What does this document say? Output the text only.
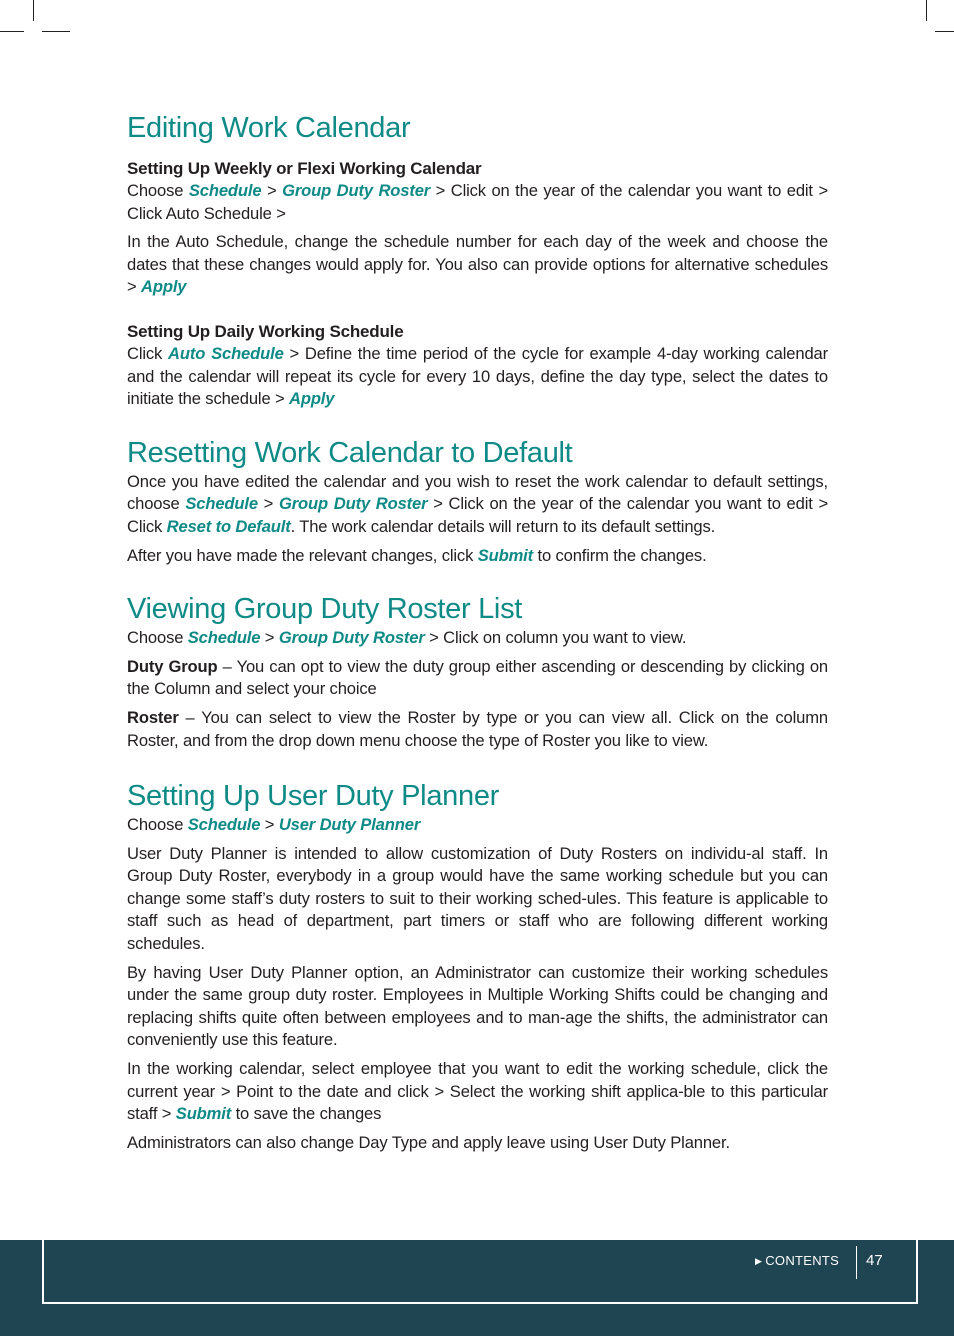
Editing Work Calendar
Setting Up Weekly or Flexi Working Calendar

Choose Schedule > Group Duty Roster > Click on the year of the calendar you want to edit > Click Auto Schedule >

In the Auto Schedule, change the schedule number for each day of the week and choose the dates that these changes would apply for. You also can provide options for alternative schedules > Apply

Setting Up Daily Working Schedule

Click Auto Schedule > Define the time period of the cycle for example 4-day working calendar and the calendar will repeat its cycle for every 10 days, define the day type, select the dates to initiate the schedule > Apply

Resetting Work Calendar to Default

Once you have edited the calendar and you wish to reset the work calendar to default settings, choose Schedule > Group Duty Roster > Click on the year of the calendar you want to edit > Click Reset to Default. The work calendar details will return to its default settings.

After you have made the relevant changes, click Submit to confirm the changes.

Viewing Group Duty Roster List

Choose Schedule > Group Duty Roster > Click on column you want to view.

Duty Group – You can opt to view the duty group either ascending or descending by clicking on the Column and select your choice

Roster – You can select to view the Roster by type or you can view all. Click on the column Roster, and from the drop down menu choose the type of Roster you like to view.

Setting Up User Duty Planner

Choose Schedule > User Duty Planner

User Duty Planner is intended to allow customization of Duty Rosters on individu-al staff. In Group Duty Roster, everybody in a group would have the same working schedule but you can change some staff’s duty rosters to suit to their working sched-ules. This feature is applicable to staff such as head of department, part timers or staff who are following different working schedules.

By having User Duty Planner option, an Administrator can customize their working schedules under the same group duty roster. Employees in Multiple Working Shifts could be changing and replacing shifts quite often between employees and to man-age the shifts, the administrator can conveniently use this feature.

In the working calendar, select employee that you want to edit the working schedule, click the current year > Point to the date and click > Select the working shift applica-ble to this particular staff > Submit to save the changes

Administrators can also change Day Type and apply leave using User Duty Planner.

▶ CONTENTS 47
